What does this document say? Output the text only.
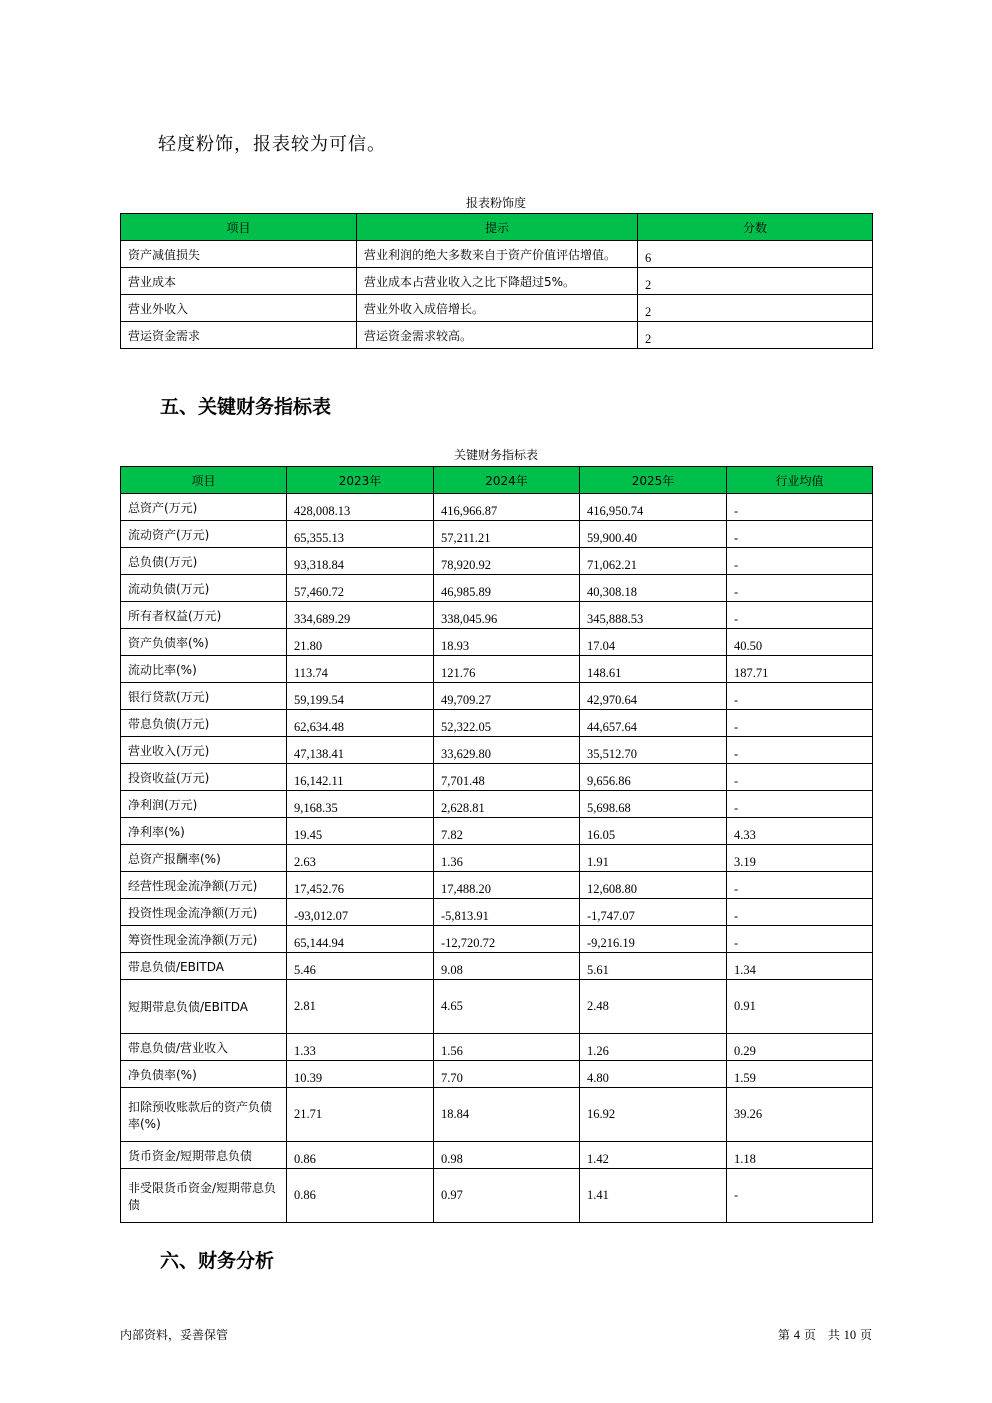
轻度粉饰，报表较为可信。
报表粉饰度
项目	提示	分数
资产减值损失	营业利润的绝大多数来自于资产价值评估增值。	6
营业成本	营业成本占营业收入之比下降超过5%。	2
营业外收入	营业外收入成倍增长。	2
营运资金需求	营运资金需求较高。	2
五、关键财务指标表
关键财务指标表
项目	2023年	2024年	2025年	行业均值
总资产(万元)	428,008.13	416,966.87	416,950.74	-
流动资产(万元)	65,355.13	57,211.21	59,900.40	-
总负债(万元)	93,318.84	78,920.92	71,062.21	-
流动负债(万元)	57,460.72	46,985.89	40,308.18	-
所有者权益(万元)	334,689.29	338,045.96	345,888.53	-
资产负债率(%)	21.80	18.93	17.04	40.50
流动比率(%)	113.74	121.76	148.61	187.71
银行贷款(万元)	59,199.54	49,709.27	42,970.64	-
带息负债(万元)	62,634.48	52,322.05	44,657.64	-
营业收入(万元)	47,138.41	33,629.80	35,512.70	-
投资收益(万元)	16,142.11	7,701.48	9,656.86	-
净利润(万元)	9,168.35	2,628.81	5,698.68	-
净利率(%)	19.45	7.82	16.05	4.33
总资产报酬率(%)	2.63	1.36	1.91	3.19
经营性现金流净额(万元)	17,452.76	17,488.20	12,608.80	-
投资性现金流净额(万元)	-93,012.07	-5,813.91	-1,747.07	-
筹资性现金流净额(万元)	65,144.94	-12,720.72	-9,216.19	-
带息负债/EBITDA	5.46	9.08	5.61	1.34
短期带息负债/EBITDA	2.81	4.65	2.48	0.91
带息负债/营业收入	1.33	1.56	1.26	0.29
净负债率(%)	10.39	7.70	4.80	1.59
扣除预收账款后的资产负债率(%)	21.71	18.84	16.92	39.26
货币资金/短期带息负债	0.86	0.98	1.42	1.18
非受限货币资金/短期带息负债	0.86	0.97	1.41	-
六、财务分析
内部资料，妥善保管	第 4 页　共 10 页
